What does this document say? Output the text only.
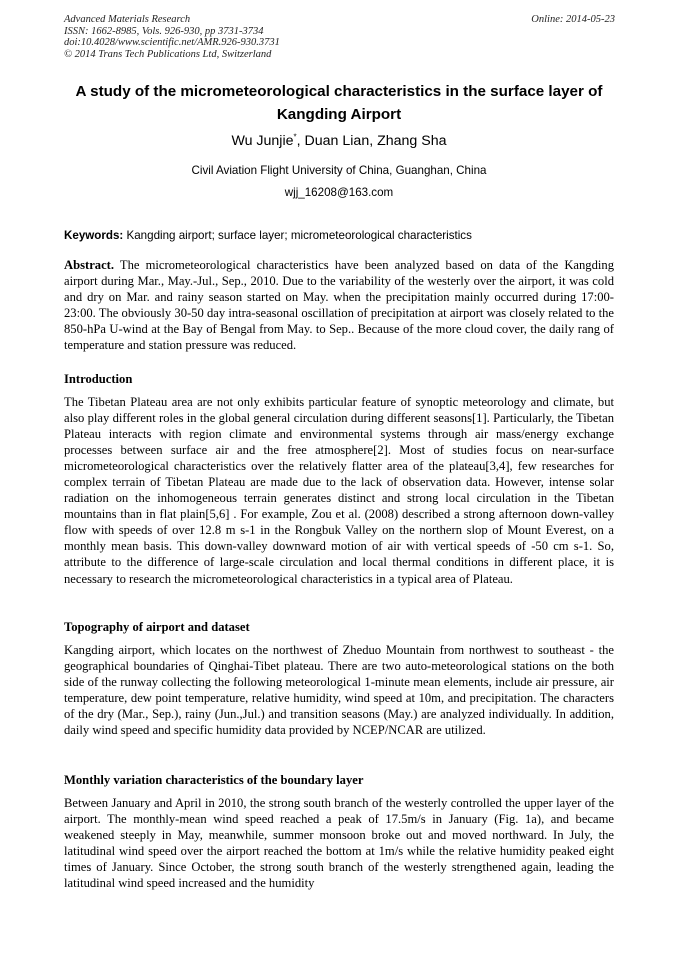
Advanced Materials Research
ISSN: 1662-8985, Vols. 926-930, pp 3731-3734
doi:10.4028/www.scientific.net/AMR.926-930.3731
© 2014 Trans Tech Publications Ltd, Switzerland
Online: 2014-05-23
A study of the micrometeorological characteristics in the surface layer of Kangding Airport
Wu Junjie*, Duan Lian, Zhang Sha
Civil Aviation Flight University of China, Guanghan, China
wjj_16208@163.com
Keywords: Kangding airport; surface layer; micrometeorological characteristics
Abstract. The micrometeorological characteristics have been analyzed based on data of the Kangding airport during Mar., May.-Jul., Sep., 2010. Due to the variability of the westerly over the airport, it was cold and dry on Mar. and rainy season started on May. when the precipitation mainly occurred during 17:00-23:00. The obviously 30-50 day intra-seasonal oscillation of precipitation at airport was closely related to the 850-hPa U-wind at the Bay of Bengal from May. to Sep.. Because of the more cloud cover, the daily rang of temperature and station pressure was reduced.
Introduction
The Tibetan Plateau area are not only exhibits particular feature of synoptic meteorology and climate, but also play different roles in the global general circulation during different seasons[1]. Particularly, the Tibetan Plateau interacts with region climate and environmental systems through air mass/energy exchange processes between surface air and the free atmosphere[2]. Most of studies focus on near-surface micrometeorological characteristics over the relatively flatter area of the plateau[3,4], few researches for complex terrain of Tibetan Plateau are made due to the lack of observation data. However, intense solar radiation on the inhomogeneous terrain generates distinct and strong local circulation in the Tibetan mountains than in flat plain[5,6] . For example, Zou et al. (2008) described a strong afternoon down-valley flow with speeds of over 12.8 m s-1 in the Rongbuk Valley on the northern slop of Mount Everest, on a monthly mean basis. This down-valley downward motion of air with vertical speeds of -50 cm s-1. So, attribute to the difference of large-scale circulation and local thermal conditions in different place, it is necessary to research the micrometeorological characteristics in a typical area of Plateau.
Topography of airport and dataset
Kangding airport, which locates on the northwest of Zheduo Mountain from northwest to southeast - the geographical boundaries of Qinghai-Tibet plateau. There are two auto-meteorological stations on the both side of the runway collecting the following meteorological 1-minute mean elements, include air pressure, air temperature, dew point temperature, relative humidity, wind speed at 10m, and precipitation. The characters of the dry (Mar., Sep.), rainy (Jun.,Jul.) and transition seasons (May.) are analyzed individually. In addition, daily wind speed and specific humidity data provided by NCEP/NCAR are utilized.
Monthly variation characteristics of the boundary layer
Between January and April in 2010, the strong south branch of the westerly controlled the upper layer of the airport. The monthly-mean wind speed reached a peak of 17.5m/s in January (Fig. 1a), and became weakened steeply in May, meanwhile, summer monsoon broke out and moved northward. In July, the latitudinal wind speed over the airport reached the bottom at 1m/s while the relative humidity peaked eight times of January. Since October, the strong south branch of the westerly strengthened again, leading the latitudinal wind speed increased and the humidity
